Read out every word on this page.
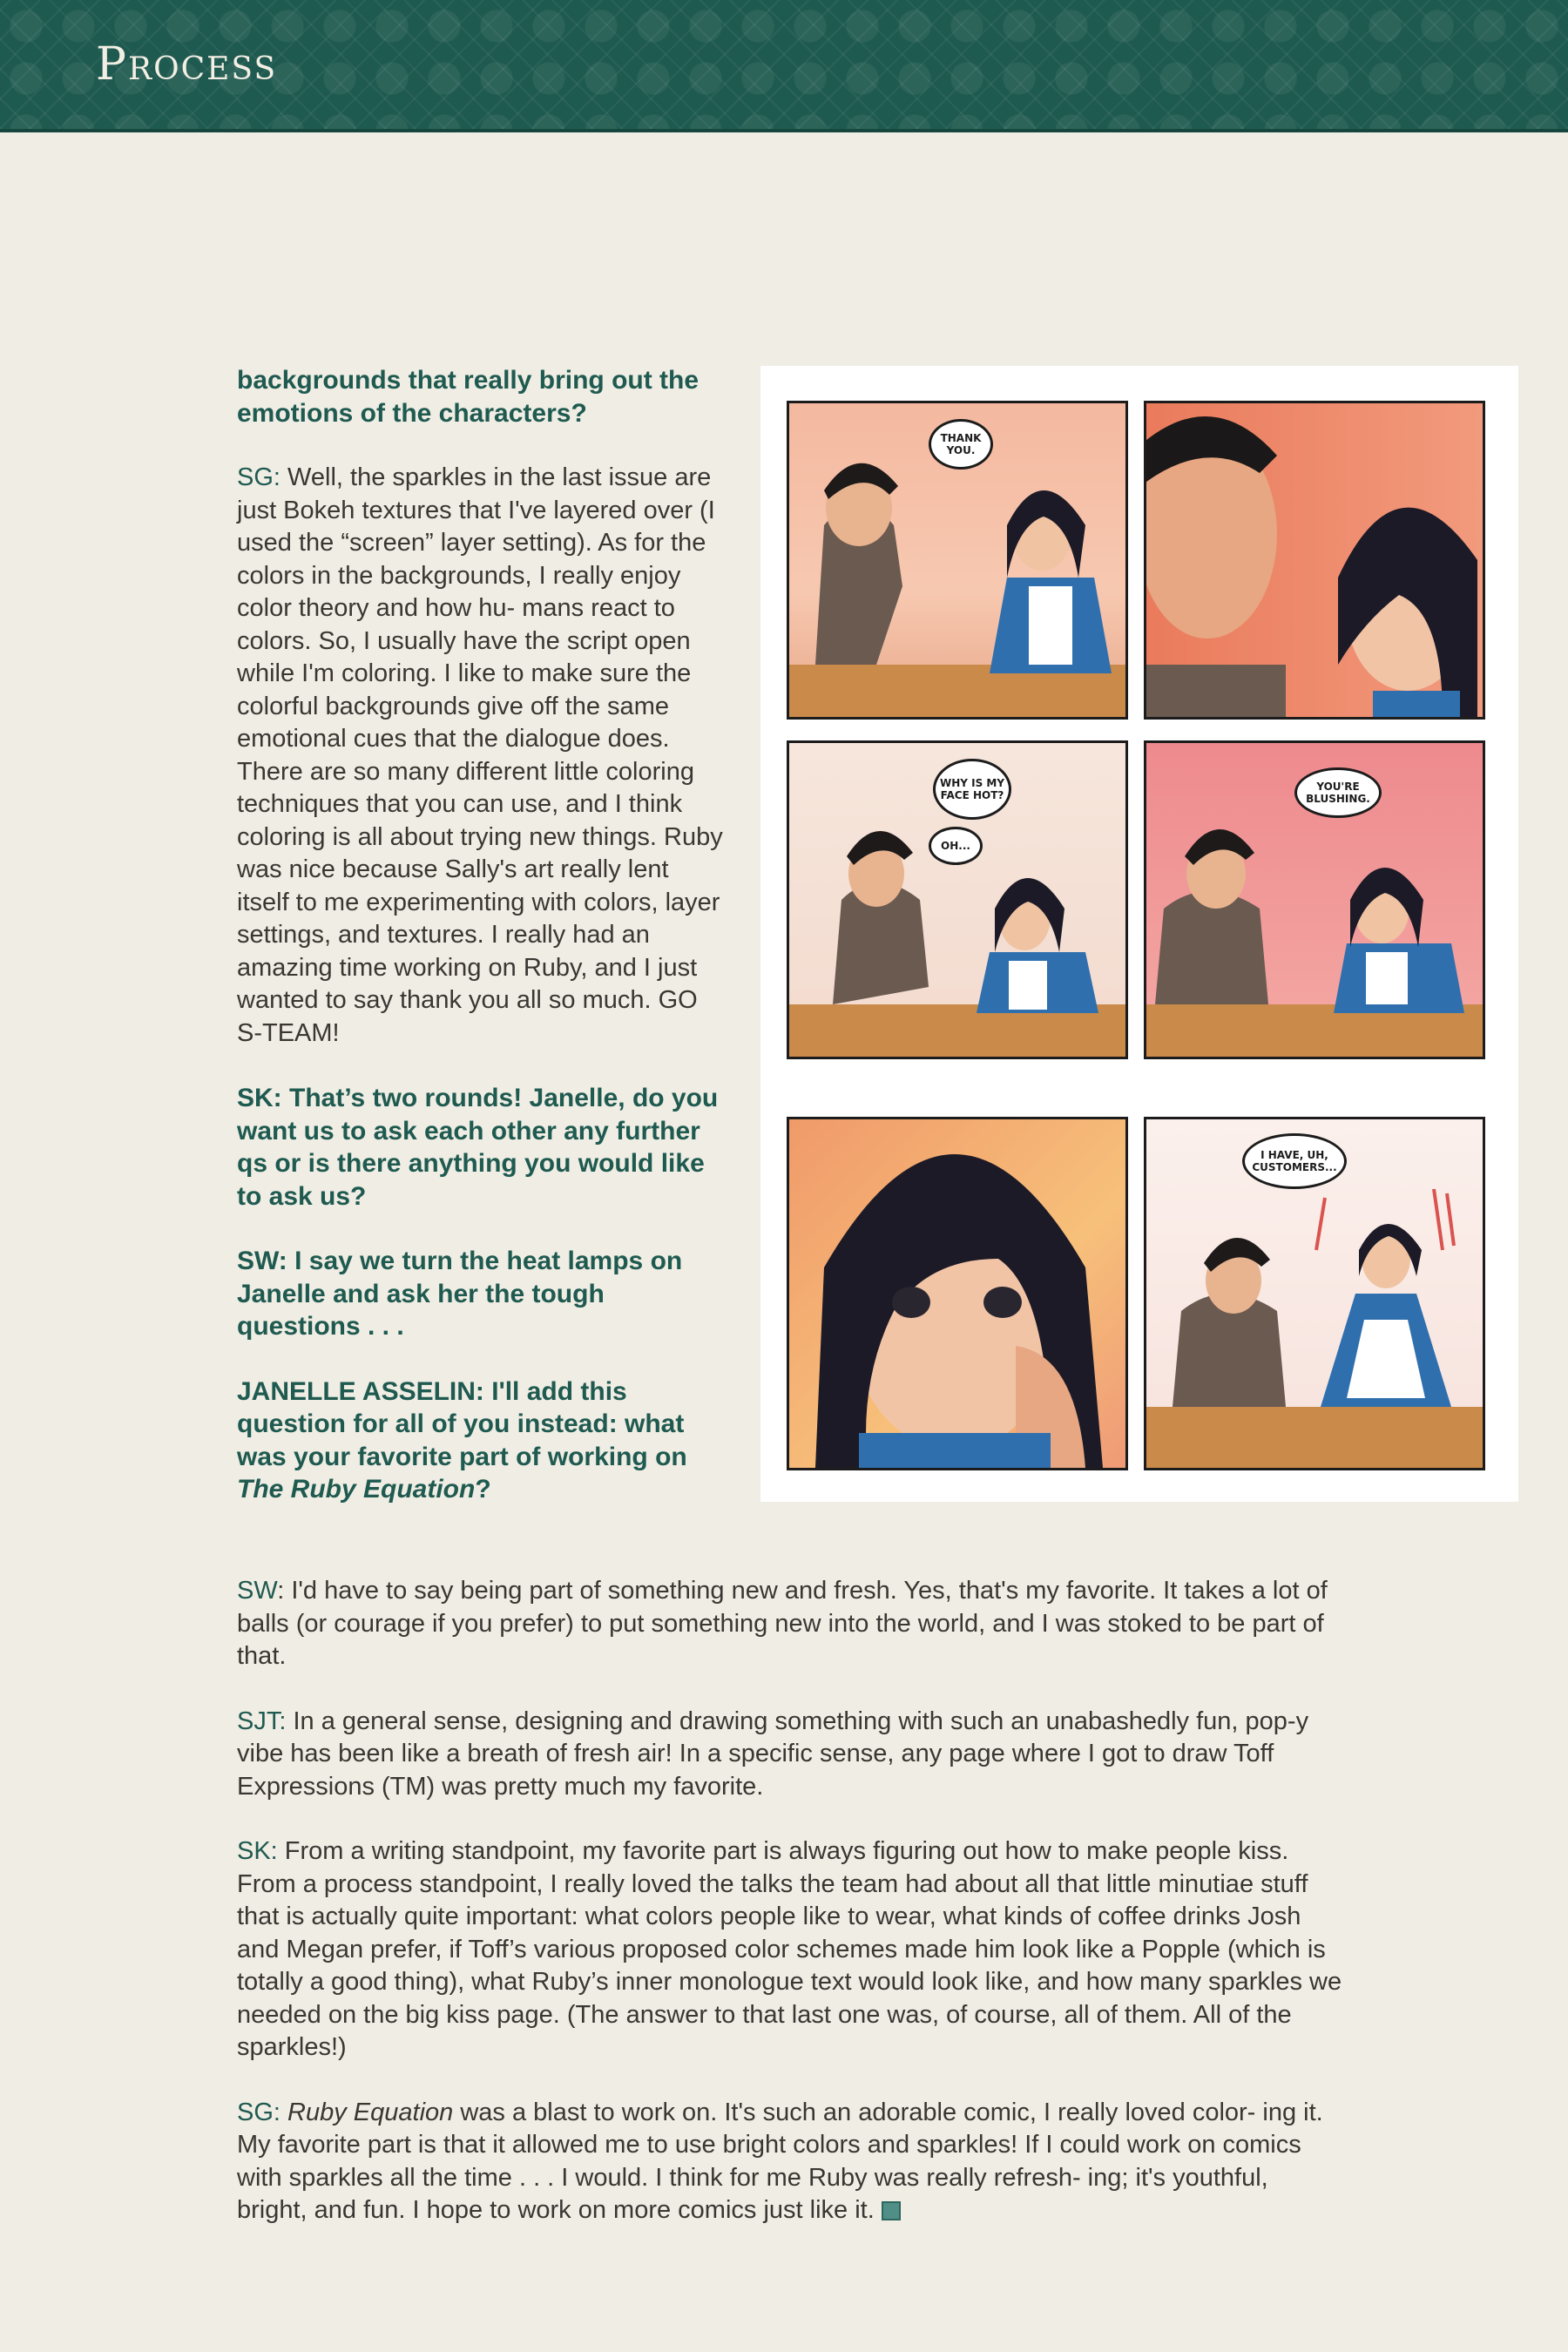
Process

backgrounds that really bring out the emotions of the characters?

SG: Well, the sparkles in the last issue are just Bokeh textures that I've layered over (I used the “screen” layer setting). As for the colors in the backgrounds, I really enjoy color theory and how hu- mans react to colors. So, I usually have the script open while I'm coloring. I like to make sure the colorful backgrounds give off the same emotional cues that the dialogue does. There are so many different little coloring techniques that you can use, and I think coloring is all about trying new things. Ruby was nice because Sally's art really lent itself to me experimenting with colors, layer settings, and textures. I really had an amazing time working on Ruby, and I just wanted to say thank you all so much. GO S-TEAM!

SK: That’s two rounds! Janelle, do you want us to ask each other any further qs or is there anything you would like to ask us?

SW: I say we turn the heat lamps on Janelle and ask her the tough questions . . .

JANELLE ASSELIN: I'll add this question for all of you instead: what was your favorite part of working on The Ruby Equation?

THANK YOU.
WHY IS MY FACE HOT?
OH...
YOU'RE BLUSHING.
I HAVE, UH, CUSTOMERS...

SW: I'd have to say being part of something new and fresh. Yes, that's my favorite. It takes a lot of balls (or courage if you prefer) to put something new into the world, and I was stoked to be part of that.

SJT: In a general sense, designing and drawing something with such an unabashedly fun, pop-y vibe has been like a breath of fresh air! In a specific sense, any page where I got to draw Toff Expressions (TM) was pretty much my favorite.

SK: From a writing standpoint, my favorite part is always figuring out how to make people kiss. From a process standpoint, I really loved the talks the team had about all that little minutiae stuff that is actually quite important: what colors people like to wear, what kinds of coffee drinks Josh and Megan prefer, if Toff’s various proposed color schemes made him look like a Popple (which is totally a good thing), what Ruby’s inner monologue text would look like, and how many sparkles we needed on the big kiss page. (The answer to that last one was, of course, all of them. All of the sparkles!)

SG: Ruby Equation was a blast to work on. It's such an adorable comic, I really loved color- ing it. My favorite part is that it allowed me to use bright colors and sparkles! If I could work on comics with sparkles all the time . . . I would. I think for me Ruby was really refresh- ing; it's youthful, bright, and fun. I hope to work on more comics just like it.
